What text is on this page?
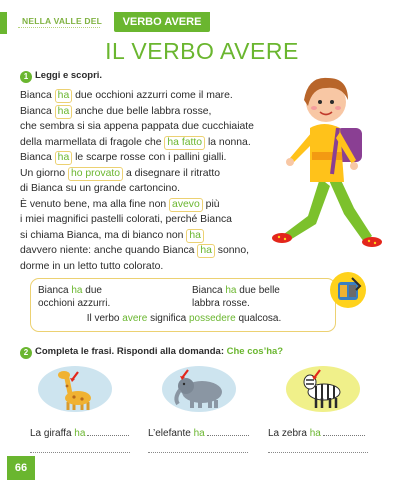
NELLA VALLE DEL	VERBO AVERE
IL VERBO AVERE
1 Leggi e scopri.
Bianca ha due occhioni azzurri come il mare.
Bianca ha anche due belle labbra rosse,
che sembra si sia appena pappata due cucchiaiate
della marmellata di fragole che ha fatto la nonna.
Bianca ha le scarpe rosse con i pallini gialli.
Un giorno ho provato a disegnare il ritratto
di Bianca su un grande cartoncino.
È venuto bene, ma alla fine non avevo più
i miei magnifici pastelli colorati, perché Bianca
si chiama Bianca, ma di bianco non ha
davvero niente: anche quando Bianca ha sonno,
dorme in un letto tutto colorato.
Bianca ha due
occhioni azzurri.
Bianca ha due belle
labbra rosse.
Il verbo avere significa possedere qualcosa.
2 Completa le frasi. Rispondi alla domanda: Che cos’ha?
La giraffa ha	L’elefante ha	La zebra ha
66
